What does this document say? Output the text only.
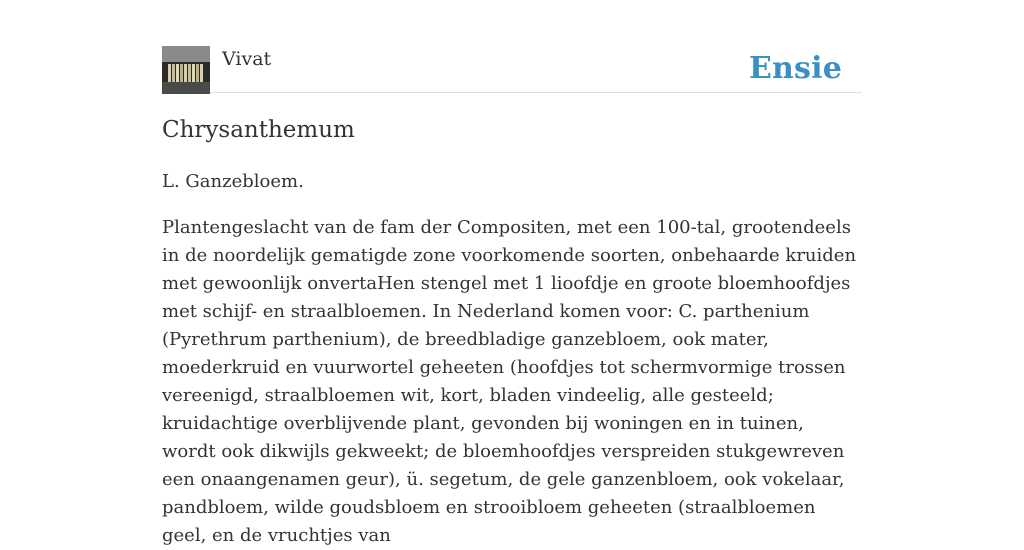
Vivat	Ensie
Chrysanthemum

L. Ganzebloem.

Plantengeslacht van de fam der Compositen, met een 100-tal, grootendeels in de noordelijk gematigde zone voorkomende soorten, onbehaarde kruiden met gewoonlijk onvertaHen stengel met 1 lioofdje en groote bloemhoofdjes met schijf- en straalbloemen. In Nederland komen voor: C. parthenium (Pyrethrum parthenium), de breedbladige ganzebloem, ook mater, moederkruid en vuurwortel geheeten (hoofdjes tot schermvormige trossen vereenigd, straalbloemen wit, kort, bladen vindeelig, alle gesteeld; kruidachtige overblijvende plant, gevonden bij woningen en in tuinen, wordt ook dikwijls gekweekt; de bloemhoofdjes verspreiden stukgewreven een onaangenamen geur), ü. segetum, de gele ganzenbloem, ook vokelaar, pandbloem, wilde goudsbloem en strooibloem geheeten (straalbloemen geel, en de vruchtjes van
